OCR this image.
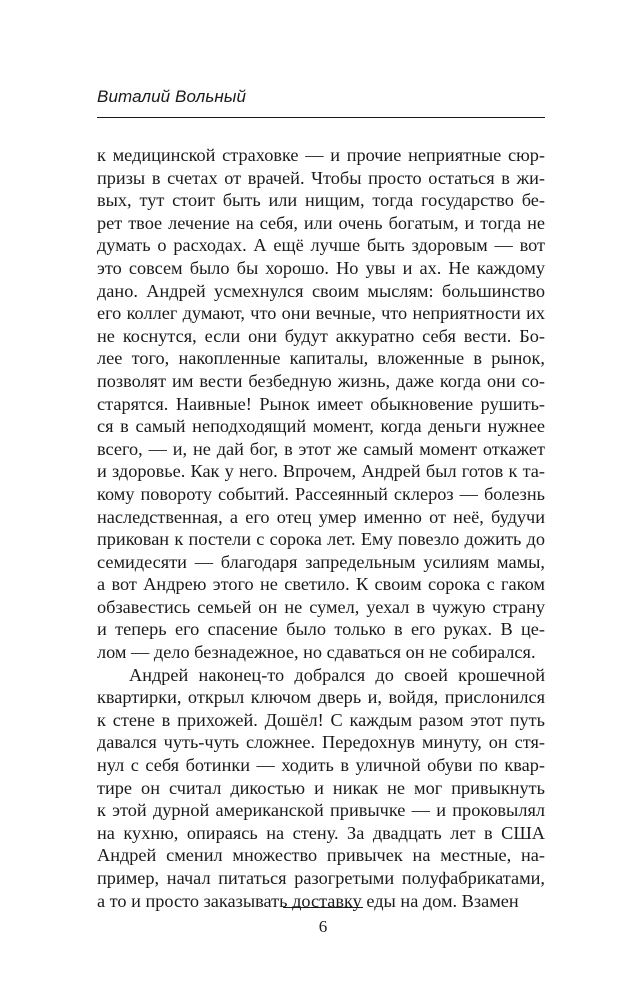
Виталий Вольный
к медицинской страховке — и прочие неприятные сюр-
призы в счетах от врачей. Чтобы просто остаться в жи-
вых, тут стоит быть или нищим, тогда государство бе-
рет твое лечение на себя, или очень богатым, и тогда не
думать о расходах. А ещё лучше быть здоровым — вот
это совсем было бы хорошо. Но увы и ах. Не каждому
дано. Андрей усмехнулся своим мыслям: большинство
его коллег думают, что они вечные, что неприятности их
не коснутся, если они будут аккуратно себя вести. Бо-
лее того, накопленные капиталы, вложенные в рынок,
позволят им вести безбедную жизнь, даже когда они со-
старятся. Наивные! Рынок имеет обыкновение рушить-
ся в самый неподходящий момент, когда деньги нужнее
всего, — и, не дай бог, в этот же самый момент откажет
и здоровье. Как у него. Впрочем, Андрей был готов к та-
кому повороту событий. Рассеянный склероз — болезнь
наследственная, а его отец умер именно от неё, будучи
прикован к постели с сорока лет. Ему повезло дожить до
семидесяти — благодаря запредельным усилиям мамы,
а вот Андрею этого не светило. К своим сорока с гаком
обзавестись семьей он не сумел, уехал в чужую страну
и теперь его спасение было только в его руках. В це-
лом — дело безнадежное, но сдаваться он не собирался.
Андрей наконец-то добрался до своей крошечной
квартирки, открыл ключом дверь и, войдя, прислонился
к стене в прихожей. Дошёл! С каждым разом этот путь
давался чуть-чуть сложнее. Передохнув минуту, он стя-
нул с себя ботинки — ходить в уличной обуви по квар-
тире он считал дикостью и никак не мог привыкнуть
к этой дурной американской привычке — и проковылял
на кухню, опираясь на стену. За двадцать лет в США
Андрей сменил множество привычек на местные, на-
пример, начал питаться разогретыми полуфабрикатами,
а то и просто заказывать доставку еды на дом. Взамен
6
